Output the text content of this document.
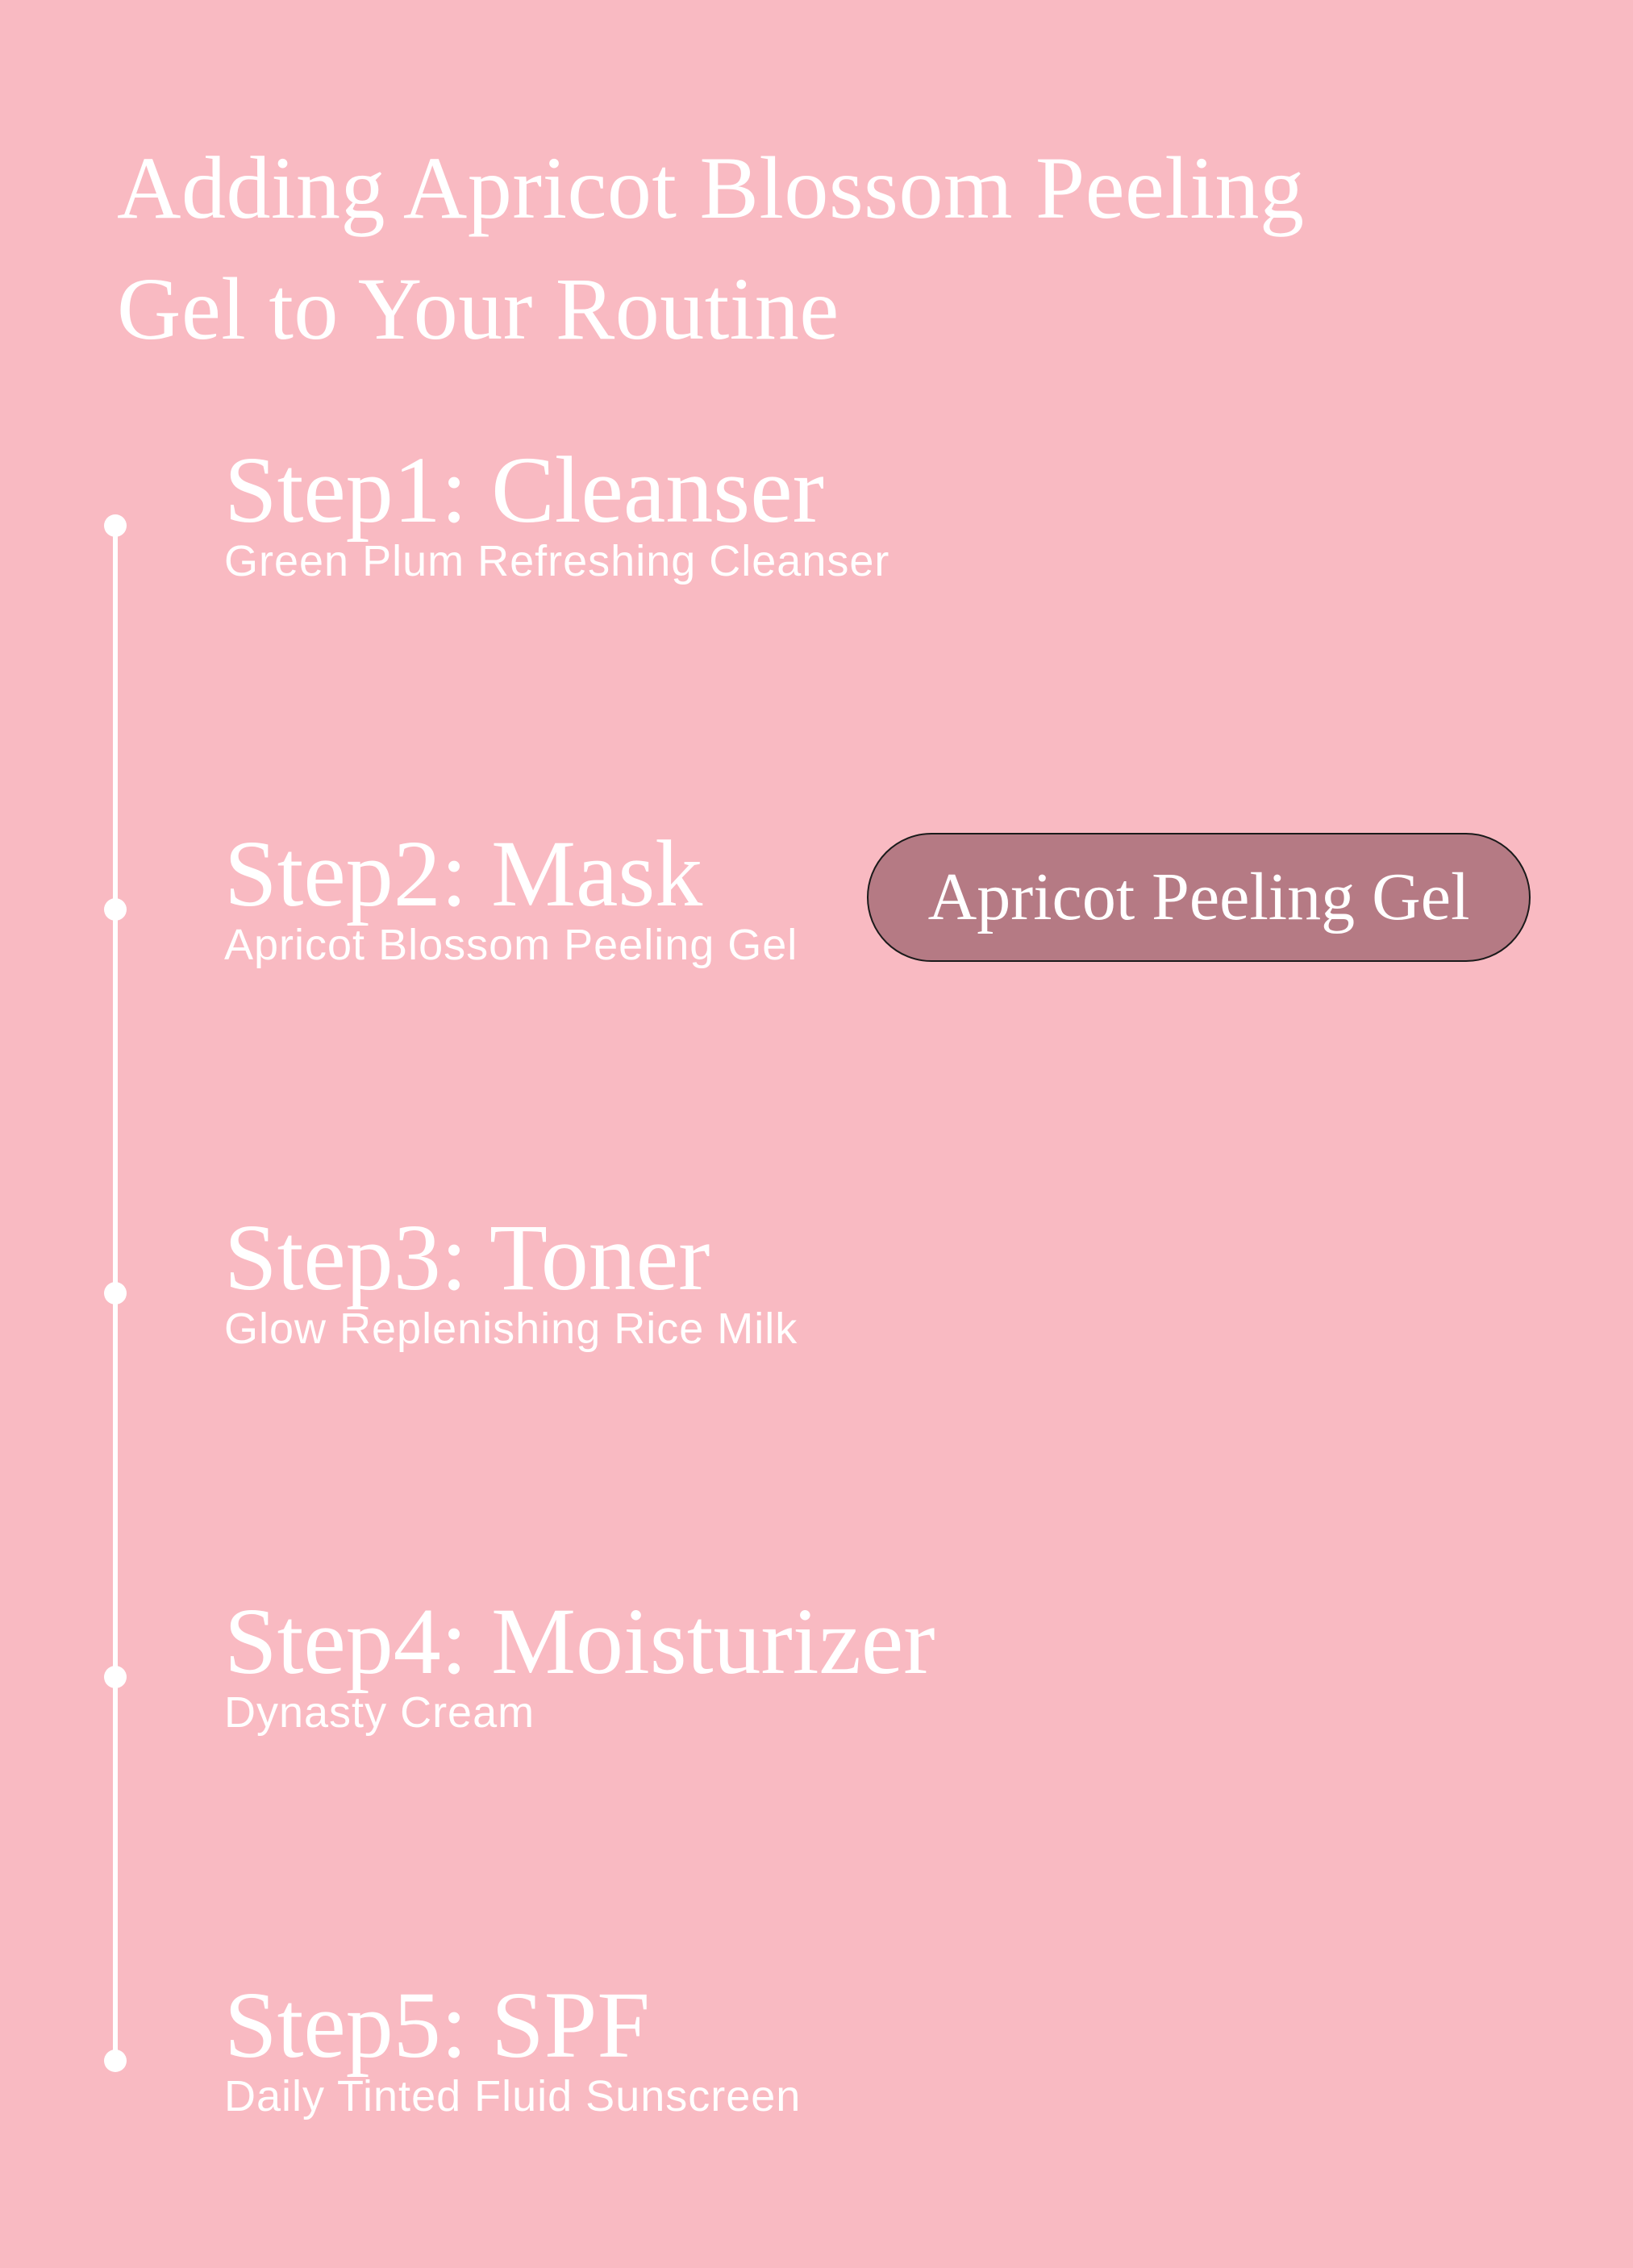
Adding Apricot Blossom Peeling
Gel to Your Routine
Step1: Cleanser
Green Plum Refreshing Cleanser
Step2: Mask
Apricot Blossom Peeling Gel
Step3: Toner
Glow Replenishing Rice Milk
Step4: Moisturizer
Dynasty Cream
Step5: SPF
Daily Tinted Fluid Sunscreen
Apricot Peeling Gel
